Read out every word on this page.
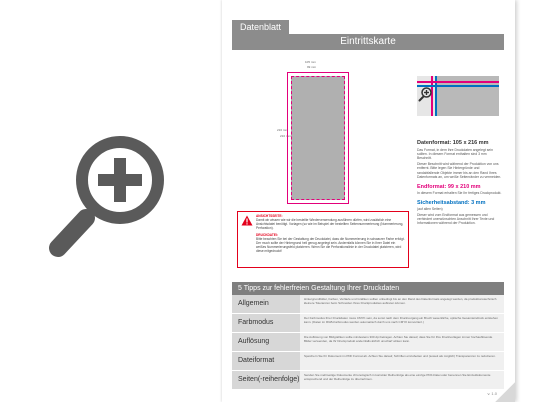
Datenblatt
Eintrittskarte
105 mm
99 mm
216 mm
210 mm
Datenformat: 105 x 216 mm
Das Format, in dem Ihre Druckdaten angelegt sein sollten. In diesem Format enthalten sind 3 mm Beschnitt.
Dieser Beschnitt wird während der Produktion von uns entfernt. Bitte legen Sie Hintergründe und randabfallende Objekte immer bis an den Rand Ihres Datenformats an, um weiße Seitenränder zu vermeiden.
Endformat: 99 x 210 mm
In diesem Format erhalten Sie Ihr fertiges Druckprodukt.
Sicherheitsabstand: 3 mm
(auf allen Seiten)
Dieser wird vom Endformat aus gemessen und verhindert unerwünschten Anschnitt Ihrer Texte und Informationen während der Produktion.
ANSICHTSSEITE:
Damit wir wissen wie wir die bestellte Wiederverwendung ausführen dürfen, wird zusätzlich eine Ansichtsdatei benötigt. Vorlagen (so wie im Beispiel der bestellten Seitennummerierung (Nummerierung, Perforation).
DRUCKDATEI:
Bitte beachten Sie bei der Gestaltung der Druckdatei, dass die Nummerierung in schwarzer Farbe erfolgt. Der much sollte der Hintergrund hell genug angelegt sein. Andernfalls können Sie in Ihrer Datei ein weißes Nummerierungsfeld platzieren. Wenn Sie die Perforationslinie in der Druckdatei platzieren, wird diese mitgedruckt!
5 Tipps zur fehlerfreien Gestaltung Ihrer Druckdaten
Allgemein
Hintergrundbilder, Farben, Verläufe und Grafiken sollten unbedingt bis an den Rand des Datenformats angelegt werden, da produktionstechnisch kleinere Toleranzen beim Schneiden Ihres Druckproduktes auftreten können.
Farbmodus
Der Farbmodus Ihrer Druckdaten muss CMYK sein, da sonst nach dem Druckvorgang ein Bruch wesentliche, optische Gesamteindruck entstehen kann. (Daten im RGB-Farbmodus werden automatisch durch uns nach CMYK konvertiert.)
Auflösung
Die Auflösung von Bildgrafiken sollte mindestens 300 dpi betragen. Achten Sie darauf, dass Sie für Ihre Druckvorlagen immer hochauflösende Bilder verwenden, da Ihr Druckprodukt andernfalls ätzlich unscharf wirken kann.
Dateiformat
Speichern Sie Ihr Dokument im PDF Format ab. Achten Sie darauf, Schriften einzubetten und (soweit als möglich) Transparenzen zu reduzieren.
Seiten(-reihenfolge)
Senden Sie mehrseitige Dokumente chronologisch in korrekter Reihenfolge als eine einzige PDF-Datei oder benennen Sie Einzeldokumente entsprechend und der Reihenfolge zu übernehmen.
v. 1.0
